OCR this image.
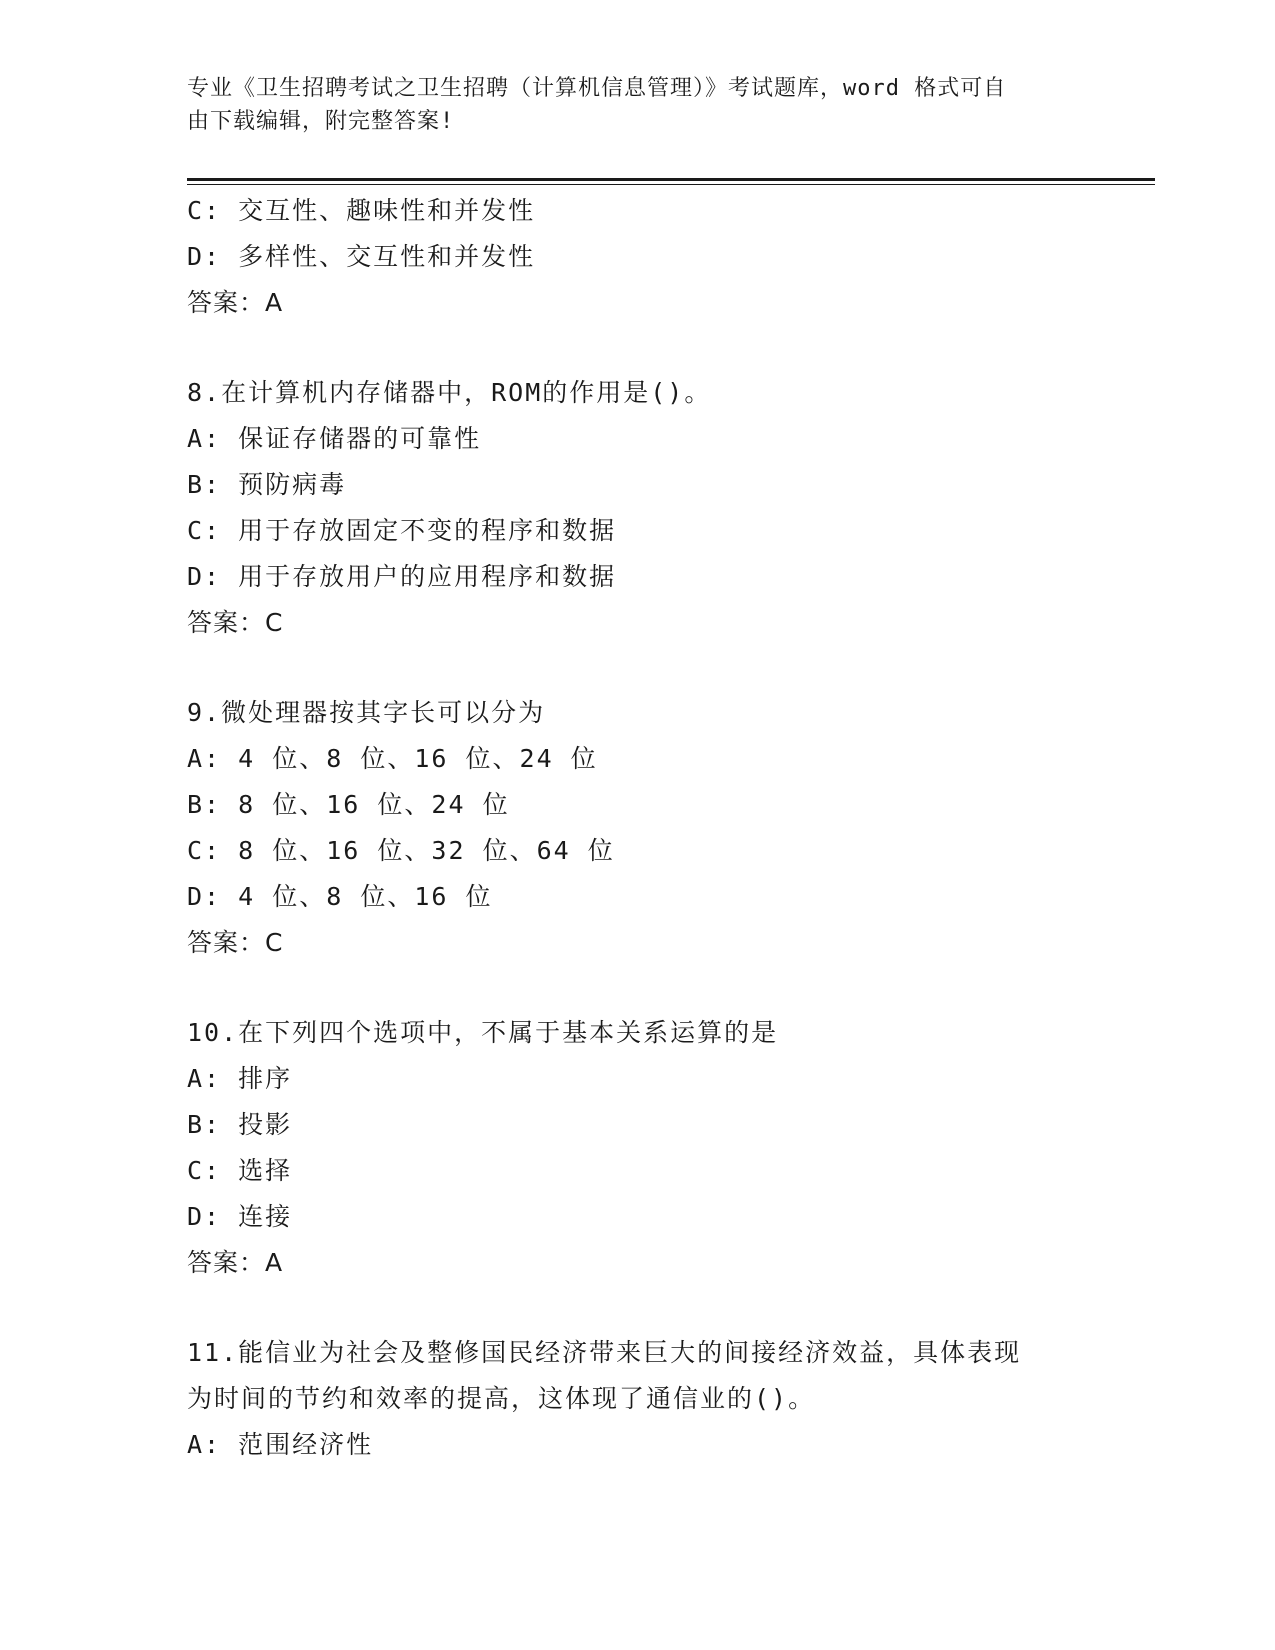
专业《卫生招聘考试之卫生招聘（计算机信息管理）》考试题库，word 格式可自
由下载编辑，附完整答案!
C: 交互性、趣味性和并发性
D: 多样性、交互性和并发性
答案：A
8.在计算机内存储器中，ROM的作用是()。
A: 保证存储器的可靠性
B: 预防病毒
C: 用于存放固定不变的程序和数据
D: 用于存放用户的应用程序和数据
答案：C
9.微处理器按其字长可以分为
A: 4 位、8 位、16 位、24 位
B: 8 位、16 位、24 位
C: 8 位、16 位、32 位、64 位
D: 4 位、8 位、16 位
答案：C
10.在下列四个选项中，不属于基本关系运算的是
A: 排序
B: 投影
C: 选择
D: 连接
答案：A
11.能信业为社会及整修国民经济带来巨大的间接经济效益，具体表现
为时间的节约和效率的提高，这体现了通信业的()。
A: 范围经济性
